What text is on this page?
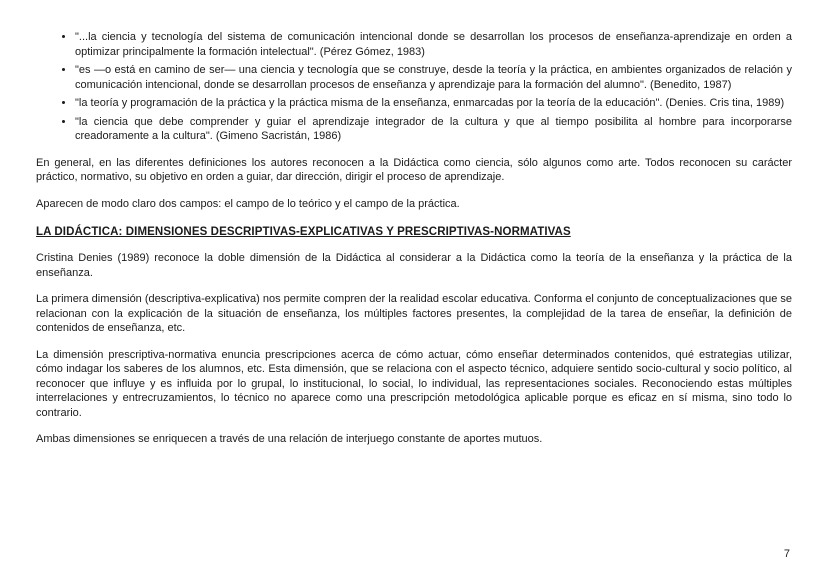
• "...la ciencia y tecnología del sistema de comunicación intencional donde se desarrollan los procesos de enseñanza-aprendizaje en orden a optimizar principalmente la formación intelectual". (Pérez Gómez, 1983)
• "es —o está en camino de ser— una ciencia y tecnología que se construye, desde la teoría y la práctica, en ambientes organizados de relación y comunicación intencional, donde se desarrollan procesos de enseñanza y aprendizaje para la formación del alumno". (Benedito, 1987)
• "la teoría y programación de la práctica y la práctica misma de la enseñanza, enmarcadas por la teoría de la educación". (Denies. Cris tina, 1989)
• "la ciencia que debe comprender y guiar el aprendizaje integrador de la cultura y que al tiempo posibilita al hombre para incorporarse creadoramente a la cultura". (Gimeno Sacristán, 1986)

En general, en las diferentes definiciones los autores reconocen a la Didáctica como ciencia, sólo algunos como arte. Todos reconocen su carácter práctico, normativo, su objetivo en orden a guiar, dar dirección, dirigir el proceso de aprendizaje.

Aparecen de modo claro dos campos: el campo de lo teórico y el campo de la práctica.

LA DIDÁCTICA: DIMENSIONES DESCRIPTIVAS-EXPLICATIVAS Y PRESCRIPTIVAS-NORMATIVAS

Cristina Denies (1989) reconoce la doble dimensión de la Didáctica al considerar a la Didáctica como la teoría de la enseñanza y la práctica de la enseñanza.

La primera dimensión (descriptiva-explicativa) nos permite compren der la realidad escolar educativa. Conforma el conjunto de conceptualizaciones que se relacionan con la explicación de la situación de enseñanza, los múltiples factores presentes, la complejidad de la tarea de enseñar, la definición de contenidos de enseñanza, etc.

La dimensión prescriptiva-normativa enuncia prescripciones acerca de cómo actuar, cómo enseñar determinados contenidos, qué estrategias utilizar, cómo indagar los saberes de los alumnos, etc. Esta dimensión, que se relaciona con el aspecto técnico, adquiere sentido socio-cultural y socio político, al reconocer que influye y es influida por lo grupal, lo institucional, lo social, lo individual, las representaciones sociales. Reconociendo estas múltiples interrelaciones y entrecruzamientos, lo técnico no aparece como una prescripción metodológica aplicable porque es eficaz en sí misma, sino todo lo contrario.

Ambas dimensiones se enriquecen a través de una relación de interjuego constante de aportes mutuos.

7
